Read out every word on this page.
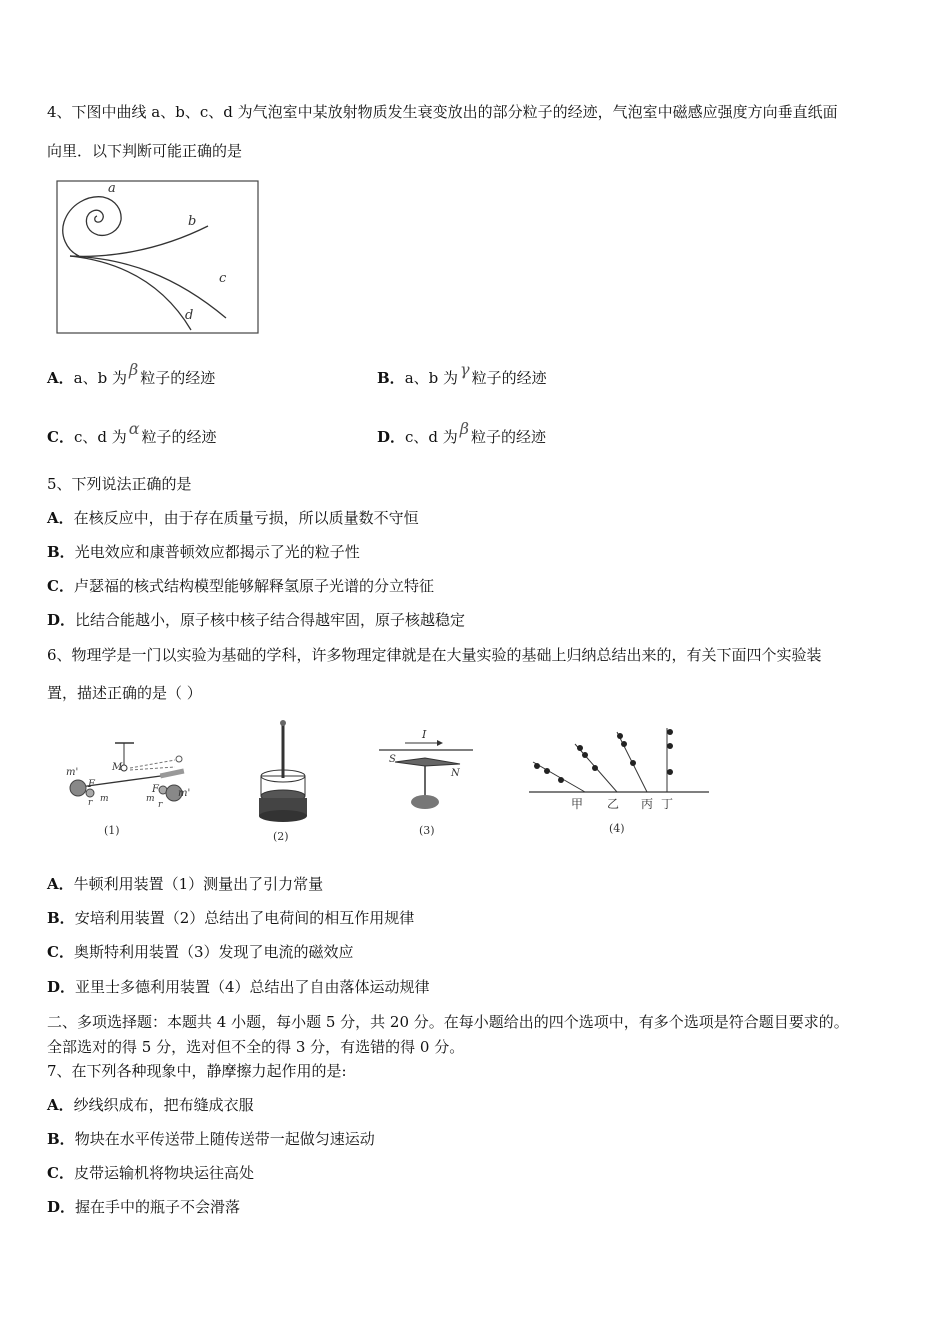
4、下图中曲线 a、b、c、d 为气泡室中某放射物质发生衰变放出的部分粒子的经迹，气泡室中磁感应强度方向垂直纸面
向里．以下判断可能正确的是
a
b
c
d
A．a、b 为 β 粒子的经迹	B．a、b 为 γ 粒子的经迹
C．c、d 为 α 粒子的经迹	D．c、d 为 β 粒子的经迹
5、下列说法正确的是
A．在核反应中，由于存在质量亏损，所以质量数不守恒
B．光电效应和康普顿效应都揭示了光的粒子性
C．卢瑟福的核式结构模型能够解释氢原子光谱的分立特征
D．比结合能越小，原子核中核子结合得越牢固，原子核越稳定
6、物理学是一门以实验为基础的学科，许多物理定律就是在大量实验的基础上归纳总结出来的，有关下面四个实验装
置，描述正确的是（ ）
m'
F
r m
M
F
m
r
m'
(1)	(2)
I
S
N
(3)
甲 乙 丙 丁
(4)
A．牛顿利用装置（1）测量出了引力常量
B．安培利用装置（2）总结出了电荷间的相互作用规律
C．奥斯特利用装置（3）发现了电流的磁效应
D．亚里士多德利用装置（4）总结出了自由落体运动规律
二、多项选择题：本题共 4 小题，每小题 5 分，共 20 分。在每小题给出的四个选项中，有多个选项是符合题目要求的。
全部选对的得 5 分，选对但不全的得 3 分，有选错的得 0 分。
7、在下列各种现象中，静摩擦力起作用的是:
A．纱线织成布，把布缝成衣服
B．物块在水平传送带上随传送带一起做匀速运动
C．皮带运输机将物块运往高处
D．握在手中的瓶子不会滑落
